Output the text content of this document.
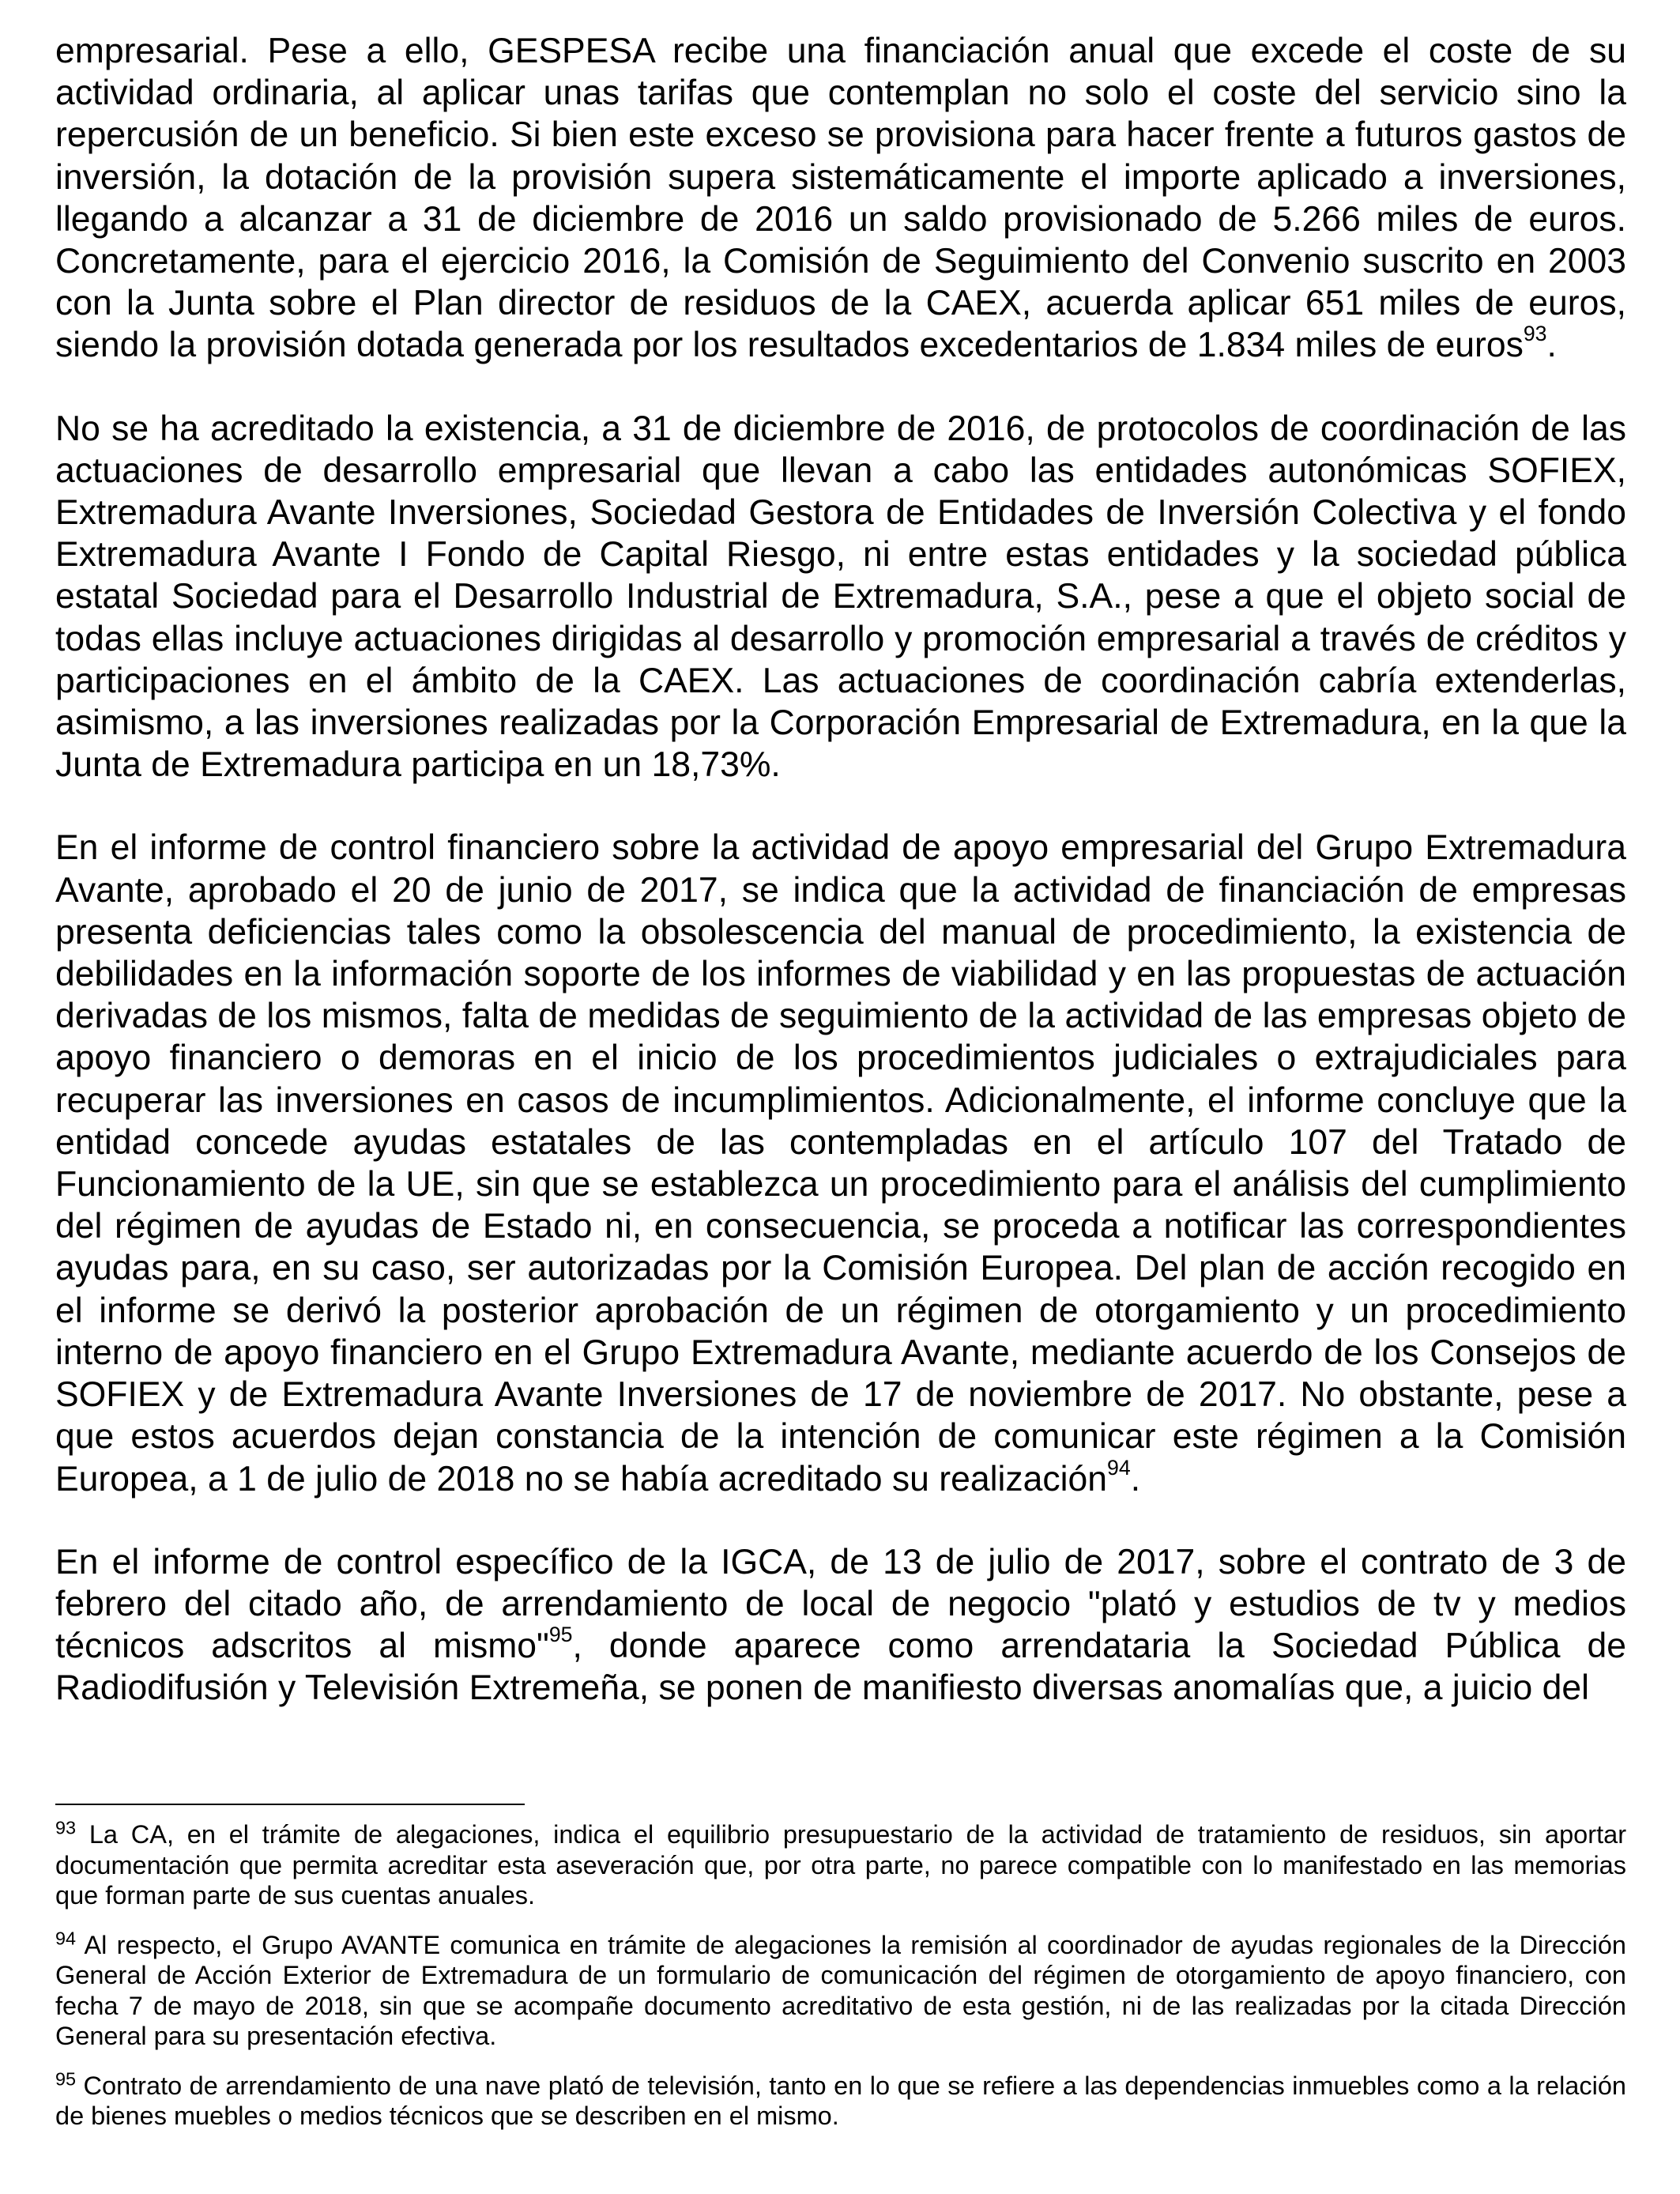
empresarial. Pese a ello, GESPESA recibe una financiación anual que excede el coste de su actividad ordinaria, al aplicar unas tarifas que contemplan no solo el coste del servicio sino la repercusión de un beneficio. Si bien este exceso se provisiona para hacer frente a futuros gastos de inversión, la dotación de la provisión supera sistemáticamente el importe aplicado a inversiones, llegando a alcanzar a 31 de diciembre de 2016 un saldo provisionado de 5.266 miles de euros. Concretamente, para el ejercicio 2016, la Comisión de Seguimiento del Convenio suscrito en 2003 con la Junta sobre el Plan director de residuos de la CAEX, acuerda aplicar 651 miles de euros, siendo la provisión dotada generada por los resultados excedentarios de 1.834 miles de euros$^{93}$.

No se ha acreditado la existencia, a 31 de diciembre de 2016, de protocolos de coordinación de las actuaciones de desarrollo empresarial que llevan a cabo las entidades autonómicas SOFIEX, Extremadura Avante Inversiones, Sociedad Gestora de Entidades de Inversión Colectiva y el fondo Extremadura Avante I Fondo de Capital Riesgo, ni entre estas entidades y la sociedad pública estatal Sociedad para el Desarrollo Industrial de Extremadura, S.A., pese a que el objeto social de todas ellas incluye actuaciones dirigidas al desarrollo y promoción empresarial a través de créditos y participaciones en el ámbito de la CAEX. Las actuaciones de coordinación cabría extenderlas, asimismo, a las inversiones realizadas por la Corporación Empresarial de Extremadura, en la que la Junta de Extremadura participa en un 18,73%.

En el informe de control financiero sobre la actividad de apoyo empresarial del Grupo Extremadura Avante, aprobado el 20 de junio de 2017, se indica que la actividad de financiación de empresas presenta deficiencias tales como la obsolescencia del manual de procedimiento, la existencia de debilidades en la información soporte de los informes de viabilidad y en las propuestas de actuación derivadas de los mismos, falta de medidas de seguimiento de la actividad de las empresas objeto de apoyo financiero o demoras en el inicio de los procedimientos judiciales o extrajudiciales para recuperar las inversiones en casos de incumplimientos. Adicionalmente, el informe concluye que la entidad concede ayudas estatales de las contempladas en el artículo 107 del Tratado de Funcionamiento de la UE, sin que se establezca un procedimiento para el análisis del cumplimiento del régimen de ayudas de Estado ni, en consecuencia, se proceda a notificar las correspondientes ayudas para, en su caso, ser autorizadas por la Comisión Europea. Del plan de acción recogido en el informe se derivó la posterior aprobación de un régimen de otorgamiento y un procedimiento interno de apoyo financiero en el Grupo Extremadura Avante, mediante acuerdo de los Consejos de SOFIEX y de Extremadura Avante Inversiones de 17 de noviembre de 2017. No obstante, pese a que estos acuerdos dejan constancia de la intención de comunicar este régimen a la Comisión Europea, a 1 de julio de 2018 no se había acreditado su realización$^{94}$.

En el informe de control específico de la IGCA, de 13 de julio de 2017, sobre el contrato de 3 de febrero del citado año, de arrendamiento de local de negocio "plató y estudios de tv y medios técnicos adscritos al mismo"$^{95}$, donde aparece como arrendataria la Sociedad Pública de Radiodifusión y Televisión Extremeña, se ponen de manifiesto diversas anomalías que, a juicio del

$^{93}$ La CA, en el trámite de alegaciones, indica el equilibrio presupuestario de la actividad de tratamiento de residuos, sin aportar documentación que permita acreditar esta aseveración que, por otra parte, no parece compatible con lo manifestado en las memorias que forman parte de sus cuentas anuales.

$^{94}$ Al respecto, el Grupo AVANTE comunica en trámite de alegaciones la remisión al coordinador de ayudas regionales de la Dirección General de Acción Exterior de Extremadura de un formulario de comunicación del régimen de otorgamiento de apoyo financiero, con fecha 7 de mayo de 2018, sin que se acompañe documento acreditativo de esta gestión, ni de las realizadas por la citada Dirección General para su presentación efectiva.

$^{95}$ Contrato de arrendamiento de una nave plató de televisión, tanto en lo que se refiere a las dependencias inmuebles como a la relación de bienes muebles o medios técnicos que se describen en el mismo.
